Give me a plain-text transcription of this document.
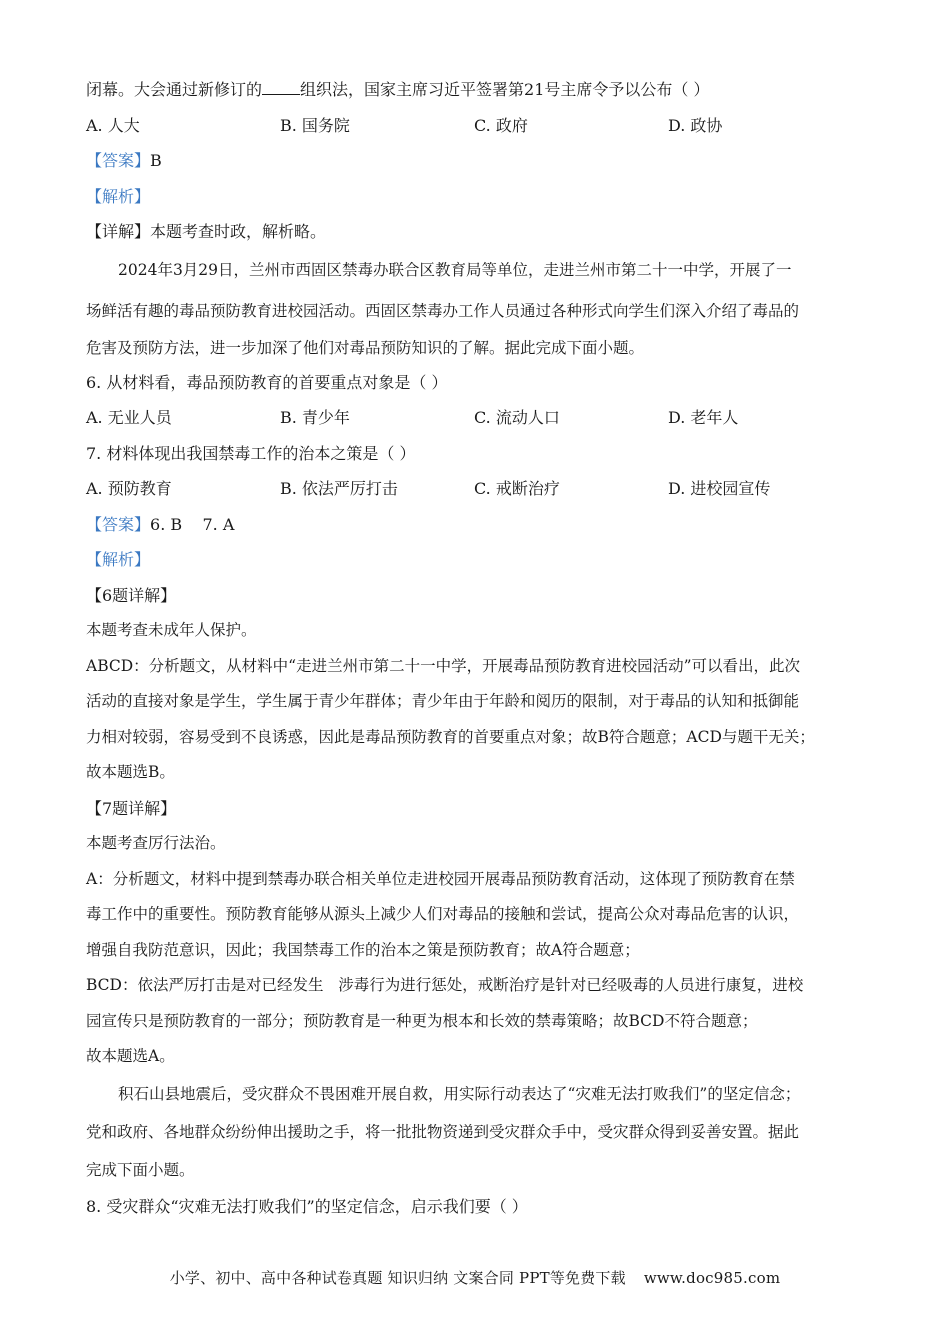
闭幕。大会通过新修订的 组织法，国家主席习近平签署第21号主席令予以公布（ ）

A. 人大	B. 国务院	C. 政府	D. 政协

【答案】B

【解析】

【详解】本题考查时政，解析略。

2024年3月29日，兰州市西固区禁毒办联合区教育局等单位，走进兰州市第二十一中学，开展了一

场鲜活有趣的毒品预防教育进校园活动。西固区禁毒办工作人员通过各种形式向学生们深入介绍了毒品的

危害及预防方法，进一步加深了他们对毒品预防知识的了解。据此完成下面小题。

6. 从材料看，毒品预防教育的首要重点对象是（ ）

A. 无业人员	B. 青少年	C. 流动人口	D. 老年人

7. 材料体现出我国禁毒工作的治本之策是（ ）

A. 预防教育	B. 依法严厉打击	C. 戒断治疗	D. 进校园宣传

【答案】6. B    7. A

【解析】

【6题详解】

本题考查未成年人保护。

ABCD：分析题文，从材料中“走进兰州市第二十一中学，开展毒品预防教育进校园活动”可以看出，此次

活动的直接对象是学生，学生属于青少年群体；青少年由于年龄和阅历的限制，对于毒品的认知和抵御能

力相对较弱，容易受到不良诱惑，因此是毒品预防教育的首要重点对象；故B符合题意；ACD与题干无关；

故本题选B。

【7题详解】

本题考查厉行法治。

A：分析题文，材料中提到禁毒办联合相关单位走进校园开展毒品预防教育活动，这体现了预防教育在禁

毒工作中的重要性。预防教育能够从源头上减少人们对毒品的接触和尝试，提高公众对毒品危害的认识，

增强自我防范意识，因此；我国禁毒工作的治本之策是预防教育；故A符合题意；

BCD：依法严厉打击是对已经发生   涉毒行为进行惩处，戒断治疗是针对已经吸毒的人员进行康复，进校

园宣传只是预防教育的一部分；预防教育是一种更为根本和长效的禁毒策略；故BCD不符合题意；

故本题选A。

积石山县地震后，受灾群众不畏困难开展自救，用实际行动表达了“灾难无法打败我们”的坚定信念；

党和政府、各地群众纷纷伸出援助之手，将一批批物资递到受灾群众手中，受灾群众得到妥善安置。据此

完成下面小题。

8. 受灾群众“灾难无法打败我们”的坚定信念，启示我们要（ ）

小学、初中、高中各种试卷真题 知识归纳 文案合同 PPT等免费下载 www.doc985.com
